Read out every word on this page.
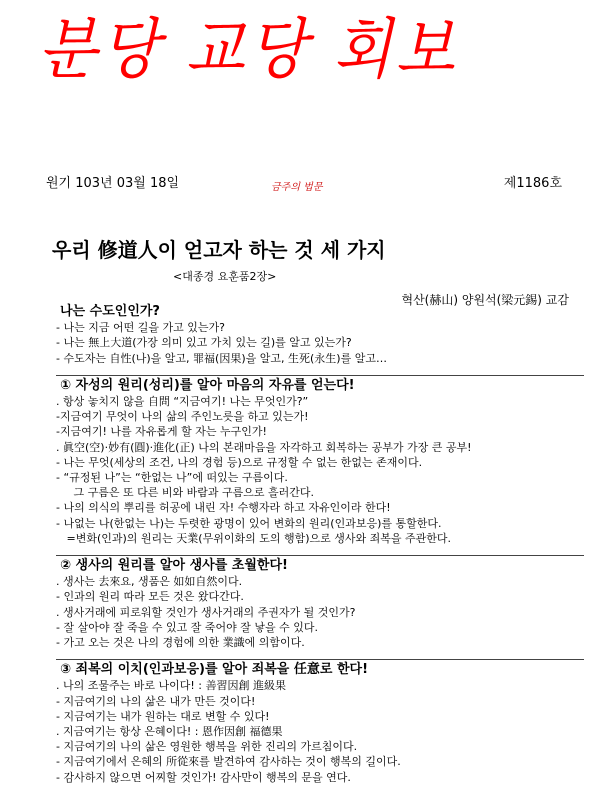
분당 교당 회보
원기 103년 03월 18일	금주의 법문	제1186호
우리 修道人이 얻고자 하는 것 세 가지
<대종경 요훈품2장>
혁산(赫山) 양원석(梁元錫) 교감
나는 수도인인가?
- 나는 지금 어떤 길을 가고 있는가?
- 나는 無上大道(가장 의미 있고 가치 있는 길)를 알고 있는가?
- 수도자는 自性(나)을 알고, 罪福(因果)을 알고, 生死(永生)를 알고…
① 자성의 원리(성리)를 알아 마음의 자유를 얻는다!
. 항상 놓치지 않을 自問 “지금여기! 나는 무엇인가?”
-지금여기 무엇이 나의 삶의 주인노릇을 하고 있는가!
-지금여기! 나를 자유롭게 할 자는 누구인가!
. 眞空(空)·妙有(圓)·進化(正) 나의 본래마음을 자각하고 회복하는 공부가 가장 큰 공부!
- 나는 무엇(세상의 조건, 나의 경험 등)으로 규정할 수 없는 한없는 존재이다.
- “규정된 나”는 “한없는 나”에 떠있는 구름이다.
그 구름은 또 다른 비와 바람과 구름으로 흘러간다.
- 나의 의식의 뿌리를 허공에 내린 자! 수행자라 하고 자유인이라 한다!
- 나없는 나(한없는 나)는 두렷한 광명이 있어 변화의 원리(인과보응)를 통할한다.
=변화(인과)의 원리는 天業(무위이화의 도의 행함)으로 생사와 죄복을 주관한다.
② 생사의 원리를 알아 생사를 초월한다!
. 생사는 去來요, 생품은 如如自然이다.
- 인과의 원리 따라 모든 것은 왔다간다.
. 생사거래에 피로워할 것인가 생사거래의 주권자가 될 것인가?
- 잘 살아야 잘 죽을 수 있고 잘 죽어야 잘 낳을 수 있다.
- 가고 오는 것은 나의 경험에 의한 業識에 의함이다.
③ 죄복의 이치(인과보응)를 알아 죄복을 任意로 한다!
. 나의 조물주는 바로 나이다! : 善習因創 進級果
- 지금여기의 나의 삶은 내가 만든 것이다!
- 지금여기는 내가 원하는 대로 변할 수 있다!
. 지금여기는 항상 은혜이다! : 恩作因創 福德果
- 지금여기의 나의 삶은 영원한 행복을 위한 진리의 가르침이다.
- 지금여기에서 은혜의 所從來를 발견하여 감사하는 것이 행복의 길이다.
- 감사하지 않으면 어찌할 것인가! 감사만이 행복의 문을 연다.
